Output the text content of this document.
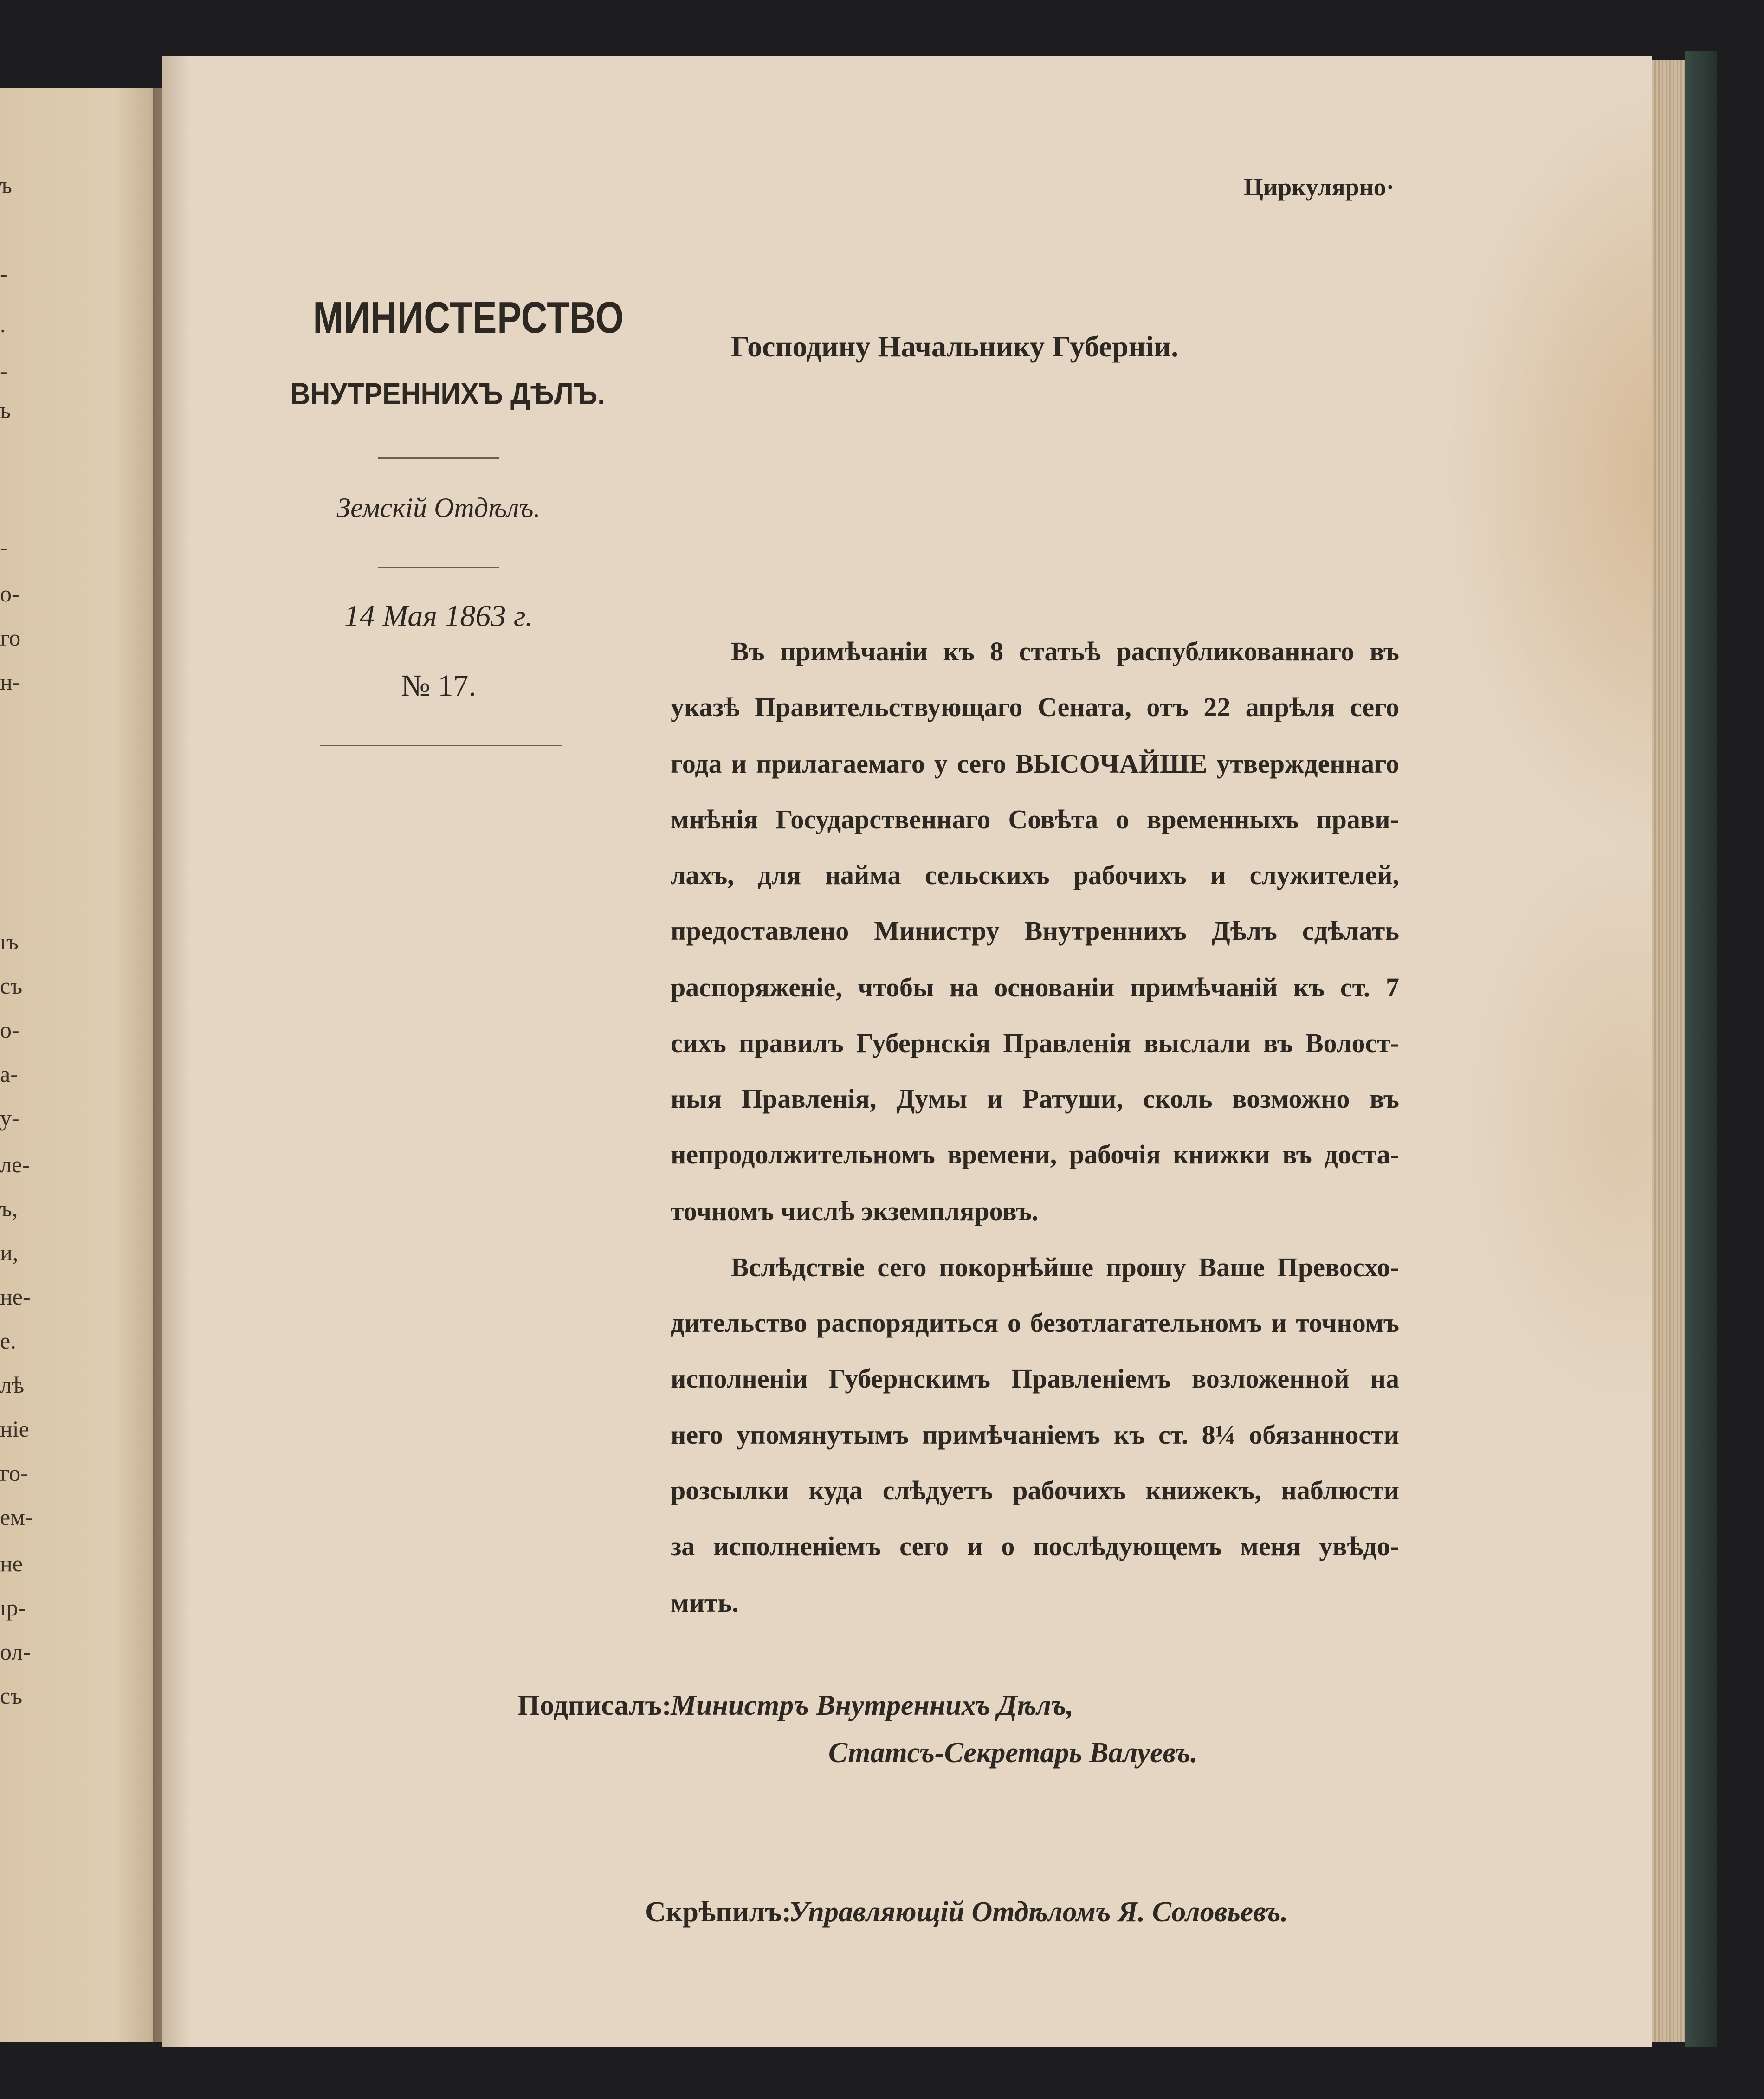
ъ
-
.
-
ь
-
о-
го
н-
ıъ
съ
о-
а-
у-
ле-
ъ,
и,
не-
е.
лѣ
ніе
го-
ем-
не
ıр-
ол-
съ
Циркулярно·
МИНИСТЕРСТВО
ВНУТРЕННИХЪ ДѢЛЪ.
Земскій Отдѣлъ.
14 Мая 1863 г.
№ 17.
Господину Начальнику Губерніи.
Въ примѣчаніи къ 8 статьѣ распубликованнаго въ
указѣ Правительствующаго Сената, отъ 22 апрѣля сего
года и прилагаемаго у сего ВЫСОЧАЙШЕ утвержденнаго
мнѣнія Государственнаго Совѣта о временныхъ прави-
лахъ, для найма сельскихъ рабочихъ и служителей,
предоставлено Министру Внутреннихъ Дѣлъ сдѣлать
распоряженіе, чтобы на основаніи примѣчаній къ ст. 7
сихъ правилъ Губернскія Правленія выслали въ Волост-
ныя Правленія, Думы и Ратуши, сколь возможно въ
непродолжительномъ времени, рабочія книжки въ доста-
точномъ числѣ экземпляровъ.
Вслѣдствіе сего покорнѣйше прошу Ваше Превосхо-
дительство распорядиться о безотлагательномъ и точномъ
исполненіи Губернскимъ Правленіемъ возложенной на
него упомянутымъ примѣчаніемъ къ ст. 8¼ обязанности
розсылки куда слѣдуетъ рабочихъ книжекъ, наблюсти
за исполненіемъ сего и о послѣдующемъ меня увѣдо-
мить.
Подписалъ:
Министръ Внутреннихъ Дѣлъ,
Статсъ-Секретарь Валуевъ.
Скрѣпилъ:
Управляющій Отдѣломъ Я. Соловьевъ.
